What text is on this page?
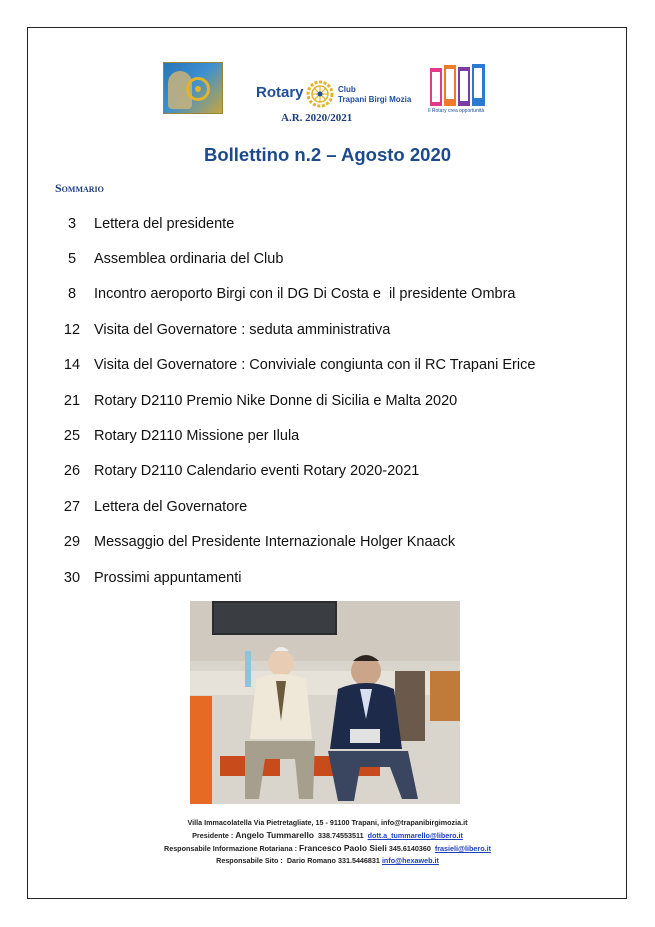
Rotary	Club
Trapani Birgi Mozia
A.R. 2020/2021
Il Rotary crea opportunità
Bollettino n.2 – Agosto 2020
Sommario
3	Lettera del presidente
5	Assemblea ordinaria del Club
8	Incontro aeroporto Birgi con il DG Di Costa e  il presidente Ombra
12 Visita del Governatore : seduta amministrativa
14 Visita del Governatore : Conviviale congiunta con il RC Trapani Erice
21 Rotary D2110 Premio Nike Donne di Sicilia e Malta 2020
25 Rotary D2110 Missione per Ilula
26 Rotary D2110 Calendario eventi Rotary 2020-2021
27 Lettera del Governatore
29 Messaggio del Presidente Internazionale Holger Knaack
30 Prossimi appuntamenti
Villa Immacolatella Via Pietretagliate, 15 - 91100 Trapani, info@trapanibirgimozia.it
Presidente : Angelo Tummarello 338.74553511 dott.a_tummarello@libero.it
Responsabile Informazione Rotariana : Francesco Paolo Sieli 345.6140360 frasieli@libero.it
Responsabile Sito : Dario Romano 331.5446831 info@hexaweb.it
